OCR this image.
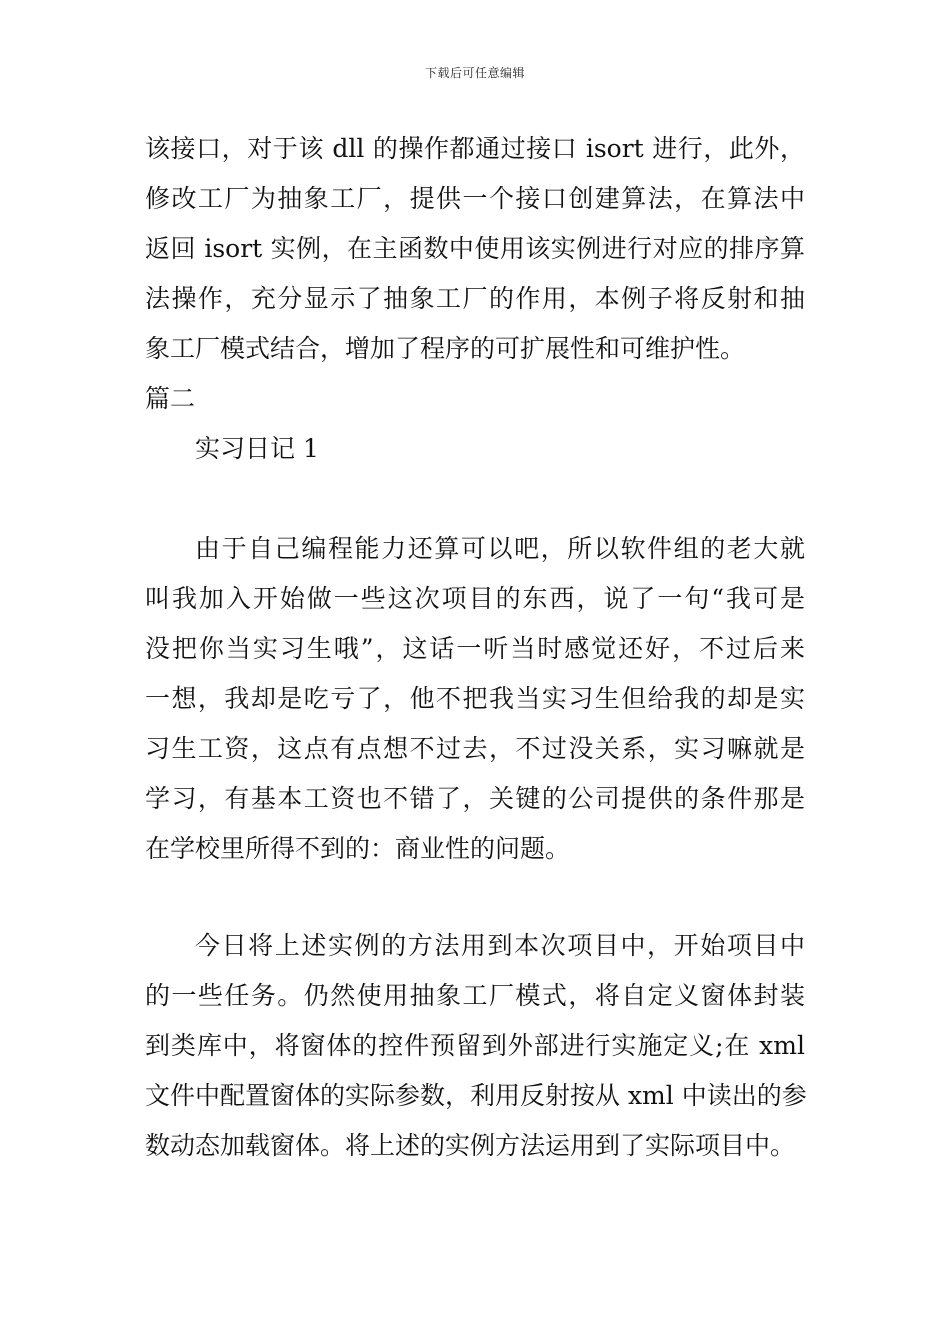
下载后可任意编辑
该接口，对于该 dll 的操作都通过接口 isort 进行，此外，
修改工厂为抽象工厂，提供一个接口创建算法，在算法中
返回 isort 实例，在主函数中使用该实例进行对应的排序算
法操作，充分显示了抽象工厂的作用，本例子将反射和抽
象工厂模式结合，增加了程序的可扩展性和可维护性。
篇二
实习日记 1
由于自己编程能力还算可以吧，所以软件组的老大就
叫我加入开始做一些这次项目的东西，说了一句“我可是
没把你当实习生哦”，这话一听当时感觉还好，不过后来
一想，我却是吃亏了，他不把我当实习生但给我的却是实
习生工资，这点有点想不过去，不过没关系，实习嘛就是
学习，有基本工资也不错了，关键的公司提供的条件那是
在学校里所得不到的：商业性的问题。
今日将上述实例的方法用到本次项目中，开始项目中
的一些任务。仍然使用抽象工厂模式，将自定义窗体封装
到类库中，将窗体的控件预留到外部进行实施定义;在 xml
文件中配置窗体的实际参数，利用反射按从 xml 中读出的参
数动态加载窗体。将上述的实例方法运用到了实际项目中。
